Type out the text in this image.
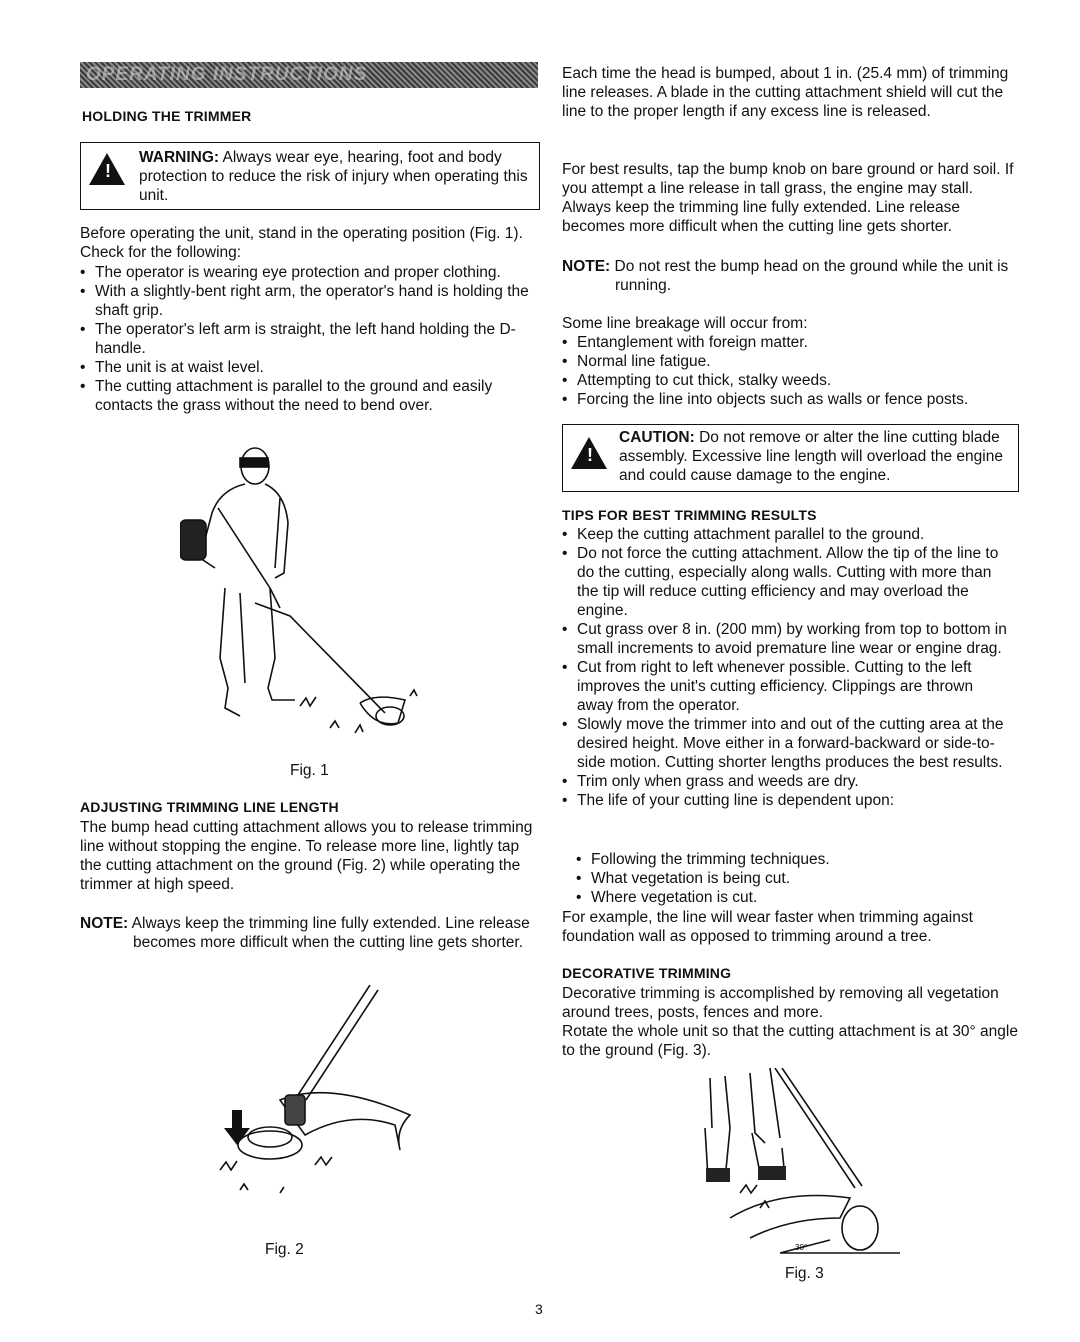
OPERATING INSTRUCTIONS
HOLDING THE TRIMMER
!
WARNING: Always wear eye, hearing, foot and body protection to reduce the risk of injury when operating this unit.
Before operating the unit, stand in the operating position (Fig. 1). Check for the following:
• The operator is wearing eye protection and proper clothing.
• With a slightly-bent right arm, the operator's hand is holding the shaft grip.
• The operator's left arm is straight, the left hand holding the D-handle.
• The unit is at waist level.
• The cutting attachment is parallel to the ground and easily contacts the grass without the need to bend over.
Fig. 1
ADJUSTING TRIMMING LINE LENGTH
The bump head cutting attachment allows you to release trimming line without stopping the engine. To release more line, lightly tap the cutting attachment on the ground (Fig. 2) while operating the trimmer at high speed.
NOTE: Always keep the trimming line fully extended. Line release becomes more difficult when the cutting line gets shorter.
Fig. 2
Each time the head is bumped, about 1 in. (25.4 mm) of trimming line releases. A blade in the cutting attachment shield will cut the line to the proper length if any excess line is released.
For best results, tap the bump knob on bare ground or hard soil. If you attempt a line release in tall grass, the engine may stall. Always keep the trimming line fully extended. Line release becomes more difficult when the cutting line gets shorter.
NOTE: Do not rest the bump head on the ground while the unit is running.
Some line breakage will occur from:
• Entanglement with foreign matter.
• Normal line fatigue.
• Attempting to cut thick, stalky weeds.
• Forcing the line into objects such as walls or fence posts.
!
CAUTION: Do not remove or alter the line cutting blade assembly. Excessive line length will overload the engine and could cause damage to the engine.
TIPS FOR BEST TRIMMING RESULTS
• Keep the cutting attachment parallel to the ground.
• Do not force the cutting attachment. Allow the tip of the line to do the cutting, especially along walls. Cutting with more than the tip will reduce cutting efficiency and may overload the engine.
• Cut grass over 8 in. (200 mm) by working from top to bottom in small increments to avoid premature line wear or engine drag.
• Cut from right to left whenever possible. Cutting to the left improves the unit's cutting efficiency. Clippings are thrown away from the operator.
• Slowly move the trimmer into and out of the cutting area at the desired height. Move either in a forward-backward or side-to-side motion. Cutting shorter lengths produces the best results.
• Trim only when grass and weeds are dry.
• The life of your cutting line is dependent upon:
• Following the trimming techniques.
• What vegetation is being cut.
• Where vegetation is cut.
For example, the line will wear faster when trimming against foundation wall as opposed to trimming around a tree.
DECORATIVE TRIMMING
Decorative trimming is accomplished by removing all vegetation around trees, posts, fences and more.
Rotate the whole unit so that the cutting attachment is at 30° angle to the ground (Fig. 3).
30°
Fig. 3
3
